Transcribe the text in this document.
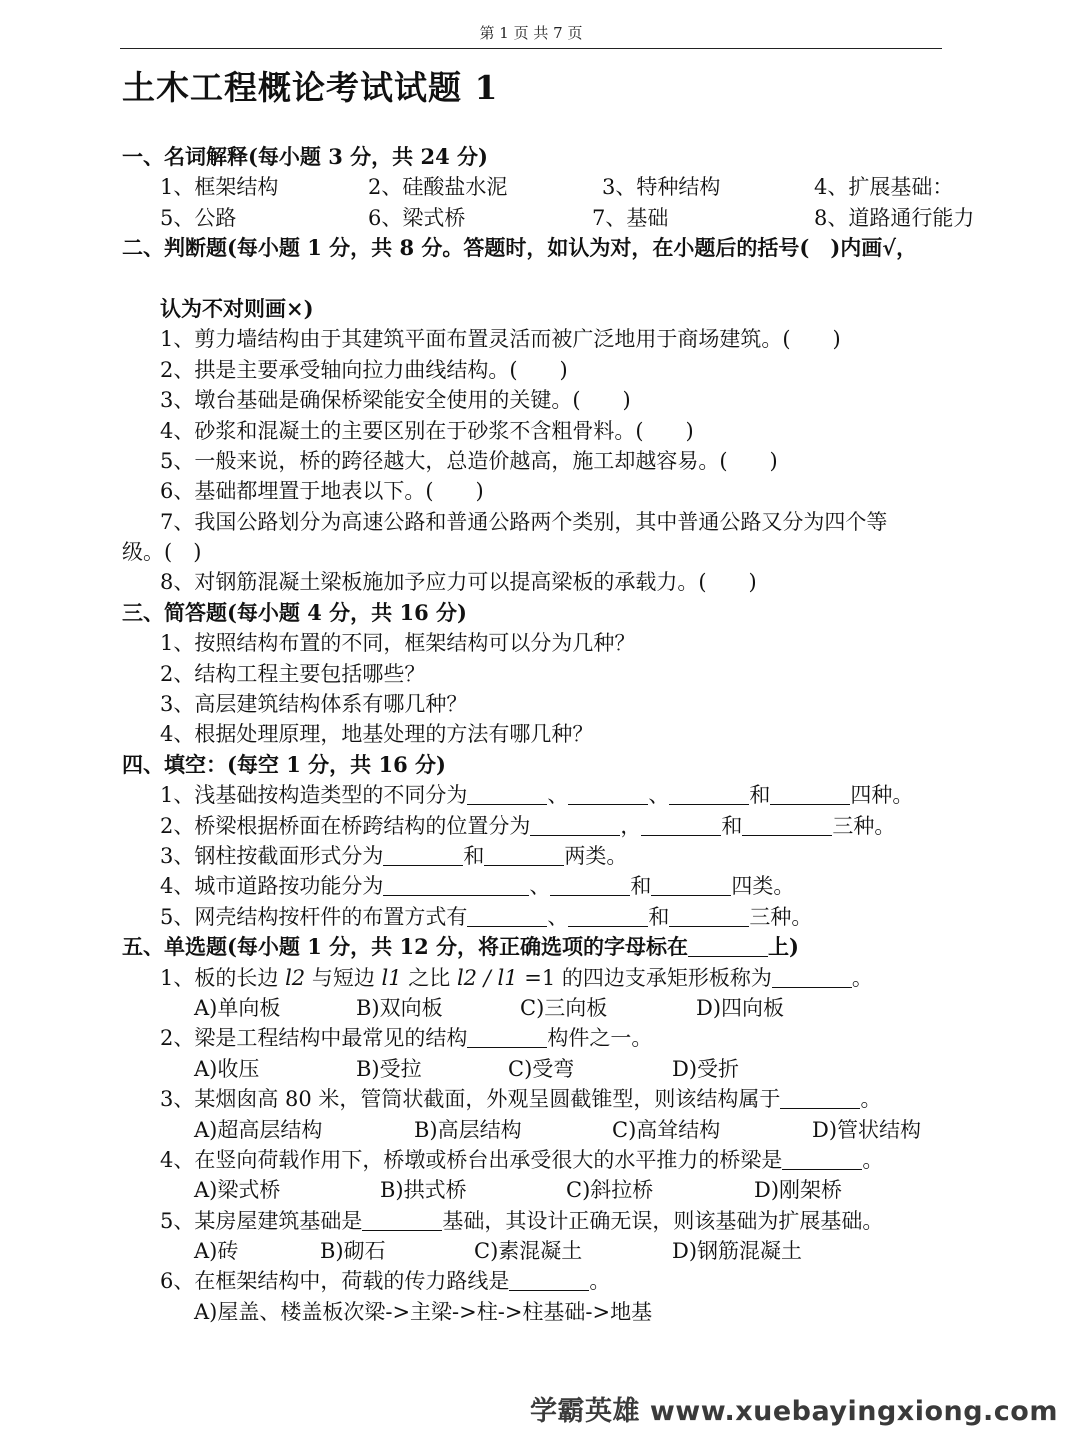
第 1 页 共 7 页
土木工程概论考试试题 1
一、名词解释(每小题 3 分，共 24 分)
1、框架结构	2、硅酸盐水泥	3、特种结构	4、扩展基础：
5、公路	6、梁式桥	7、基础	8、道路通行能力
二、判断题(每小题 1 分，共 8 分。答题时，如认为对，在小题后的括号(　)内画√，
认为不对则画×)
1、剪力墙结构由于其建筑平面布置灵活而被广泛地用于商场建筑。(　　)
2、拱是主要承受轴向拉力曲线结构。(　　)
3、墩台基础是确保桥梁能安全使用的关键。(　　)
4、砂浆和混凝土的主要区别在于砂浆不含粗骨料。(　　)
5、一般来说，桥的跨径越大，总造价越高，施工却越容易。(　　)
6、基础都埋置于地表以下。(　　)
7、我国公路划分为高速公路和普通公路两个类别，其中普通公路又分为四个等
级。(　)
8、对钢筋混凝土梁板施加予应力可以提高梁板的承载力。(　　)
三、简答题(每小题 4 分，共 16 分)
1、按照结构布置的不同，框架结构可以分为几种？
2、结构工程主要包括哪些？
3、高层建筑结构体系有哪几种？
4、根据处理原理，地基处理的方法有哪几种？
四、填空：(每空 1 分，共 16 分)
1、浅基础按构造类型的不同分为	、	、	和	四种。
2、桥梁根据桥面在桥跨结构的位置分为	，	和	三种。
3、钢柱按截面形式分为	和	两类。
4、城市道路按功能分为	、	和	四类。
5、网壳结构按杆件的布置方式有	、	和	三种。
五、单选题(每小题 1 分，共 12 分，将正确选项的字母标在	上)
1、板的长边 l2 与短边 l1 之比 l2 / l1 =1 的四边支承矩形板称为	。
A)单向板	B)双向板	C)三向板	D)四向板
2、梁是工程结构中最常见的结构	构件之一。
A)收压	B)受拉	C)受弯	D)受折
3、某烟囱高 80 米，管筒状截面，外观呈圆截锥型，则该结构属于	。
A)超高层结构	B)高层结构	C)高耸结构	D)管状结构
4、在竖向荷载作用下，桥墩或桥台出承受很大的水平推力的桥梁是	。
A)梁式桥	B)拱式桥	C)斜拉桥	D)刚架桥
5、某房屋建筑基础是	基础，其设计正确无误，则该基础为扩展基础。
A)砖	B)砌石	C)素混凝土	D)钢筋混凝土
6、在框架结构中，荷载的传力路线是	。
A)屋盖、楼盖板次梁->主梁->柱->柱基础->地基
学霸英雄 www.xuebayingxiong.com
